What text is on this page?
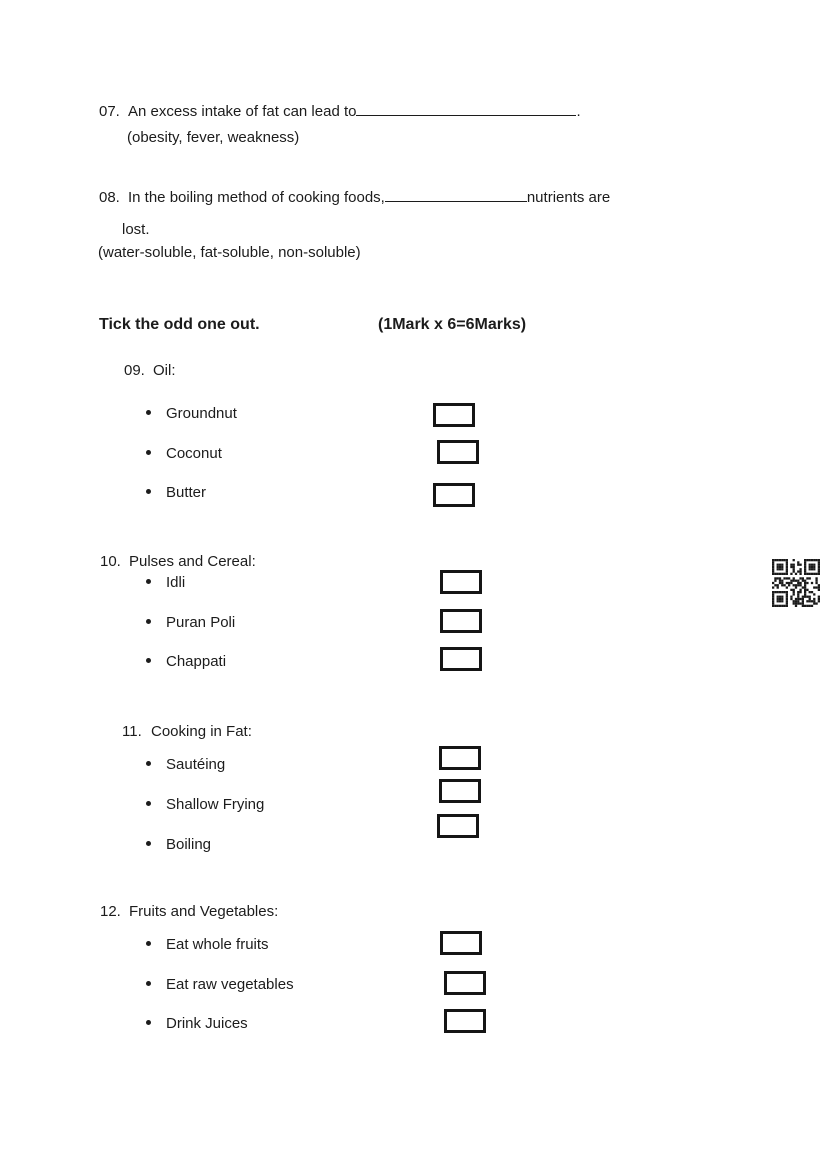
07. An excess intake of fat can lead to	.
(obesity, fever, weakness)
08. In the boiling method of cooking foods,	nutrients are
lost.
(water-soluble, fat-soluble, non-soluble)
Tick the odd one out.	(1Mark x 6=6Marks)
09. Oil:
Groundnut
Coconut
Butter
10. Pulses and Cereal:
Idli
Puran Poli
Chappati
11. Cooking in Fat:
Sautéing
Shallow Frying
Boiling
12. Fruits and Vegetables:
Eat whole fruits
Eat raw vegetables
Drink Juices
